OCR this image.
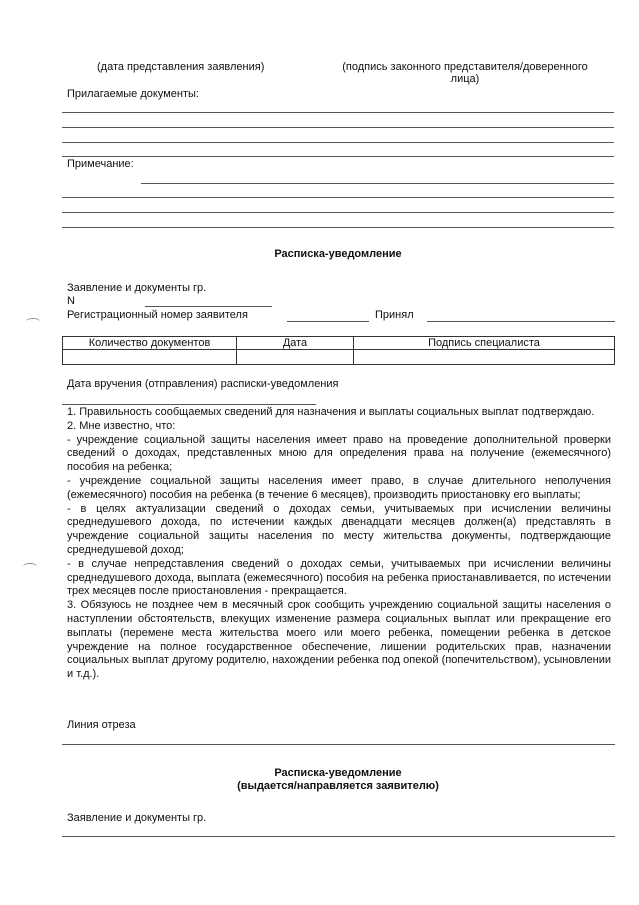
(дата представления заявления)	(подпись законного представителя/доверенного
лица)
Прилагаемые документы:
Примечание:
Расписка-уведомление
Заявление и документы гр.
N
Регистрационный номер заявителя	Принял
Количество документов	Дата	Подпись специалиста

Дата вручения (отправления) расписки-уведомления
1. Правильность сообщаемых сведений для назначения и выплаты социальных выплат подтверждаю.
2. Мне известно, что:
- учреждение социальной защиты населения имеет право на проведение дополнительной проверки сведений о доходах, представленных мною для определения права на получение (ежемесячного) пособия на ребенка;
- учреждение социальной защиты населения имеет право, в случае длительного неполучения (ежемесячного) пособия на ребенка (в течение 6 месяцев), производить приостановку его выплаты;
- в целях актуализации сведений о доходах семьи, учитываемых при исчислении величины среднедушевого дохода, по истечении каждых двенадцати месяцев должен(а) представлять в учреждение социальной защиты населения по месту жительства документы, подтверждающие среднедушевой доход;
- в случае непредставления сведений о доходах семьи, учитываемых при исчислении величины среднедушевого дохода, выплата (ежемесячного) пособия на ребенка приостанавливается, по истечении трех месяцев после приостановления - прекращается.
3. Обязуюсь не позднее чем в месячный срок сообщить учреждению социальной защиты населения о наступлении обстоятельств, влекущих изменение размера социальных выплат или прекращение его выплаты (перемене места жительства моего или моего ребенка, помещении ребенка в детское учреждение на полное государственное обеспечение, лишении родительских прав, назначении социальных выплат другому родителю, нахождении ребенка под опекой (попечительством), усыновлении и т.д.).
Линия отреза
Расписка-уведомление
(выдается/направляется заявителю)
Заявление и документы гр.
